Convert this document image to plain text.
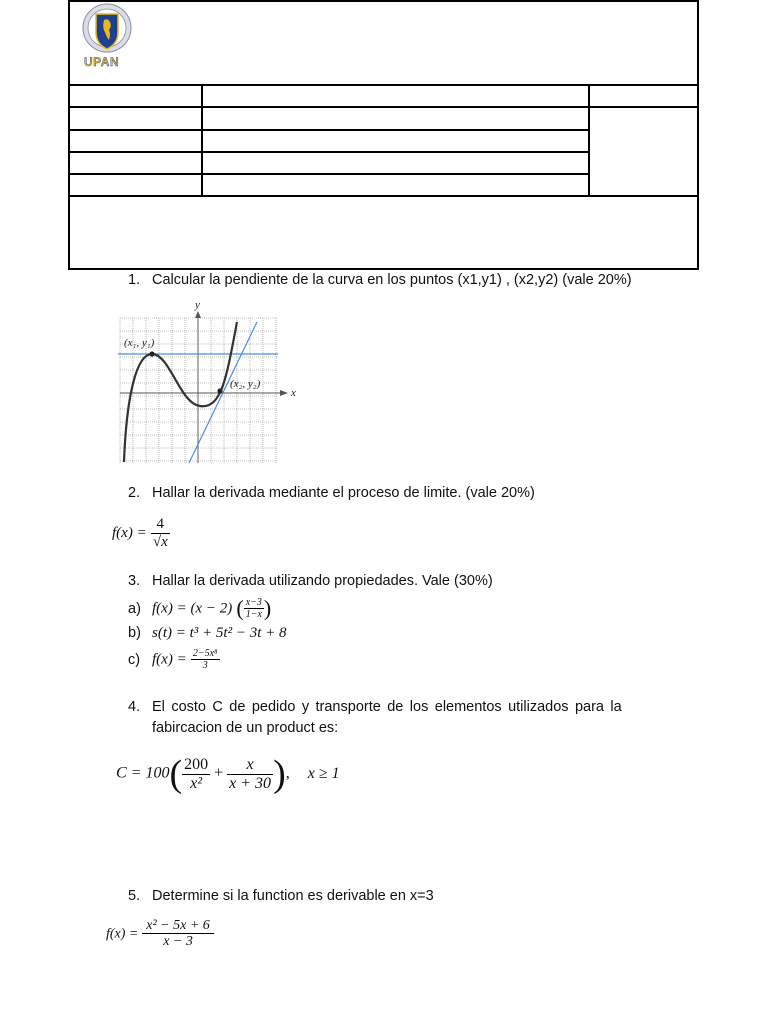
UPAN
1. Calcular la pendiente de la curva en los puntos (x1,y1) , (x2,y2) (vale 20%)
(x₁, y₁)
(x₂, y₂)
x
y
2. Hallar la derivada mediante el proceso de limite. (vale 20%)
$f(x) = \frac{4}{√x}$
3. Hallar la derivada utilizando propiedades. Vale (30%)
a) f(x) = (x − 2) ( $\frac{x-3}{1-x}$ )
b) s(t) = t³ + 5t² − 3t + 8
c) $f(x) = \frac{\text{2−5x⁸}}{3}$
4. El costo C de pedido y transporte de los elementos utilizados para la
fabircacion de un product es:
$C = 100( \frac{200}{\text{x²}} + \frac{x}{x + 30}$ ), x ≥ 1
5. Determine si la function es derivable en x=3
$f(x) = \frac{\text{x² − 5x + 6}}{x - 3}$
